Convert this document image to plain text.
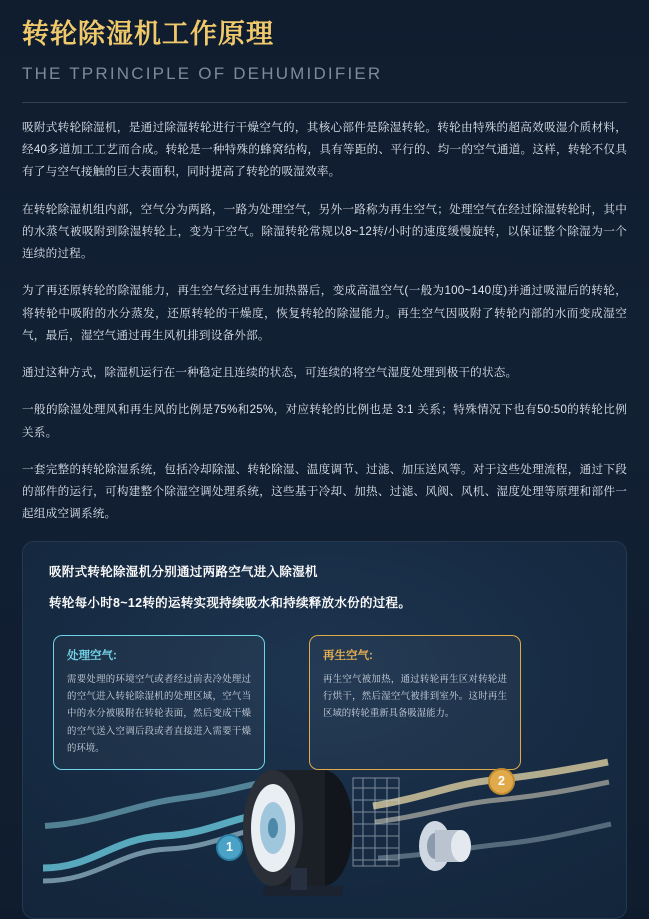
转轮除湿机工作原理
THE TPRINCIPLE OF DEHUMIDIFIER

吸附式转轮除湿机，是通过除湿转轮进行干燥空气的，其核心部件是除湿转轮。转轮由特殊的超高效吸湿介质材料，经40多道加工工艺而合成。转轮是一种特殊的蜂窝结构，具有等距的、平行的、均一的空气通道。这样，转轮不仅具有了与空气接触的巨大表面积，同时提高了转轮的吸湿效率。

在转轮除湿机组内部，空气分为两路，一路为处理空气，另外一路称为再生空气；处理空气在经过除湿转轮时，其中的水蒸气被吸附到除湿转轮上，变为干空气。除湿转轮常规以8~12转/小时的速度缓慢旋转，以保证整个除湿为一个连续的过程。

为了再还原转轮的除湿能力，再生空气经过再生加热器后，变成高温空气(一般为100~140度)并通过吸湿后的转轮，将转轮中吸附的水分蒸发，还原转轮的干燥度，恢复转轮的除湿能力。再生空气因吸附了转轮内部的水而变成湿空气，最后，湿空气通过再生风机排到设备外部。

通过这种方式，除湿机运行在一种稳定且连续的状态，可连续的将空气湿度处理到极干的状态。

一般的除湿处理风和再生风的比例是75%和25%，对应转轮的比例也是 3:1 关系；特殊情况下也有50:50的转轮比例关系。

一套完整的转轮除湿系统，包括冷却除湿、转轮除湿、温度调节、过滤、加压送风等。对于这些处理流程，通过下段的部件的运行，可构建整个除湿空调处理系统，这些基于冷却、加热、过滤、风阀、风机、湿度处理等原理和部件一起组成空调系统。

吸附式转轮除湿机分别通过两路空气进入除湿机
转轮每小时8~12转的运转实现持续吸水和持续释放水份的过程。
处理空气:
需要处理的环境空气或者经过前表冷处理过的空气进入转轮除湿机的处理区域，空气当中的水分被吸附在转轮表面，然后变成干燥的空气送入空调后段或者直接进入需要干燥的环境。
再生空气:
再生空气被加热，通过转轮再生区对转轮进行烘干，然后湿空气被排到室外。这时再生区域的转轮重新具备吸湿能力。
1
2
